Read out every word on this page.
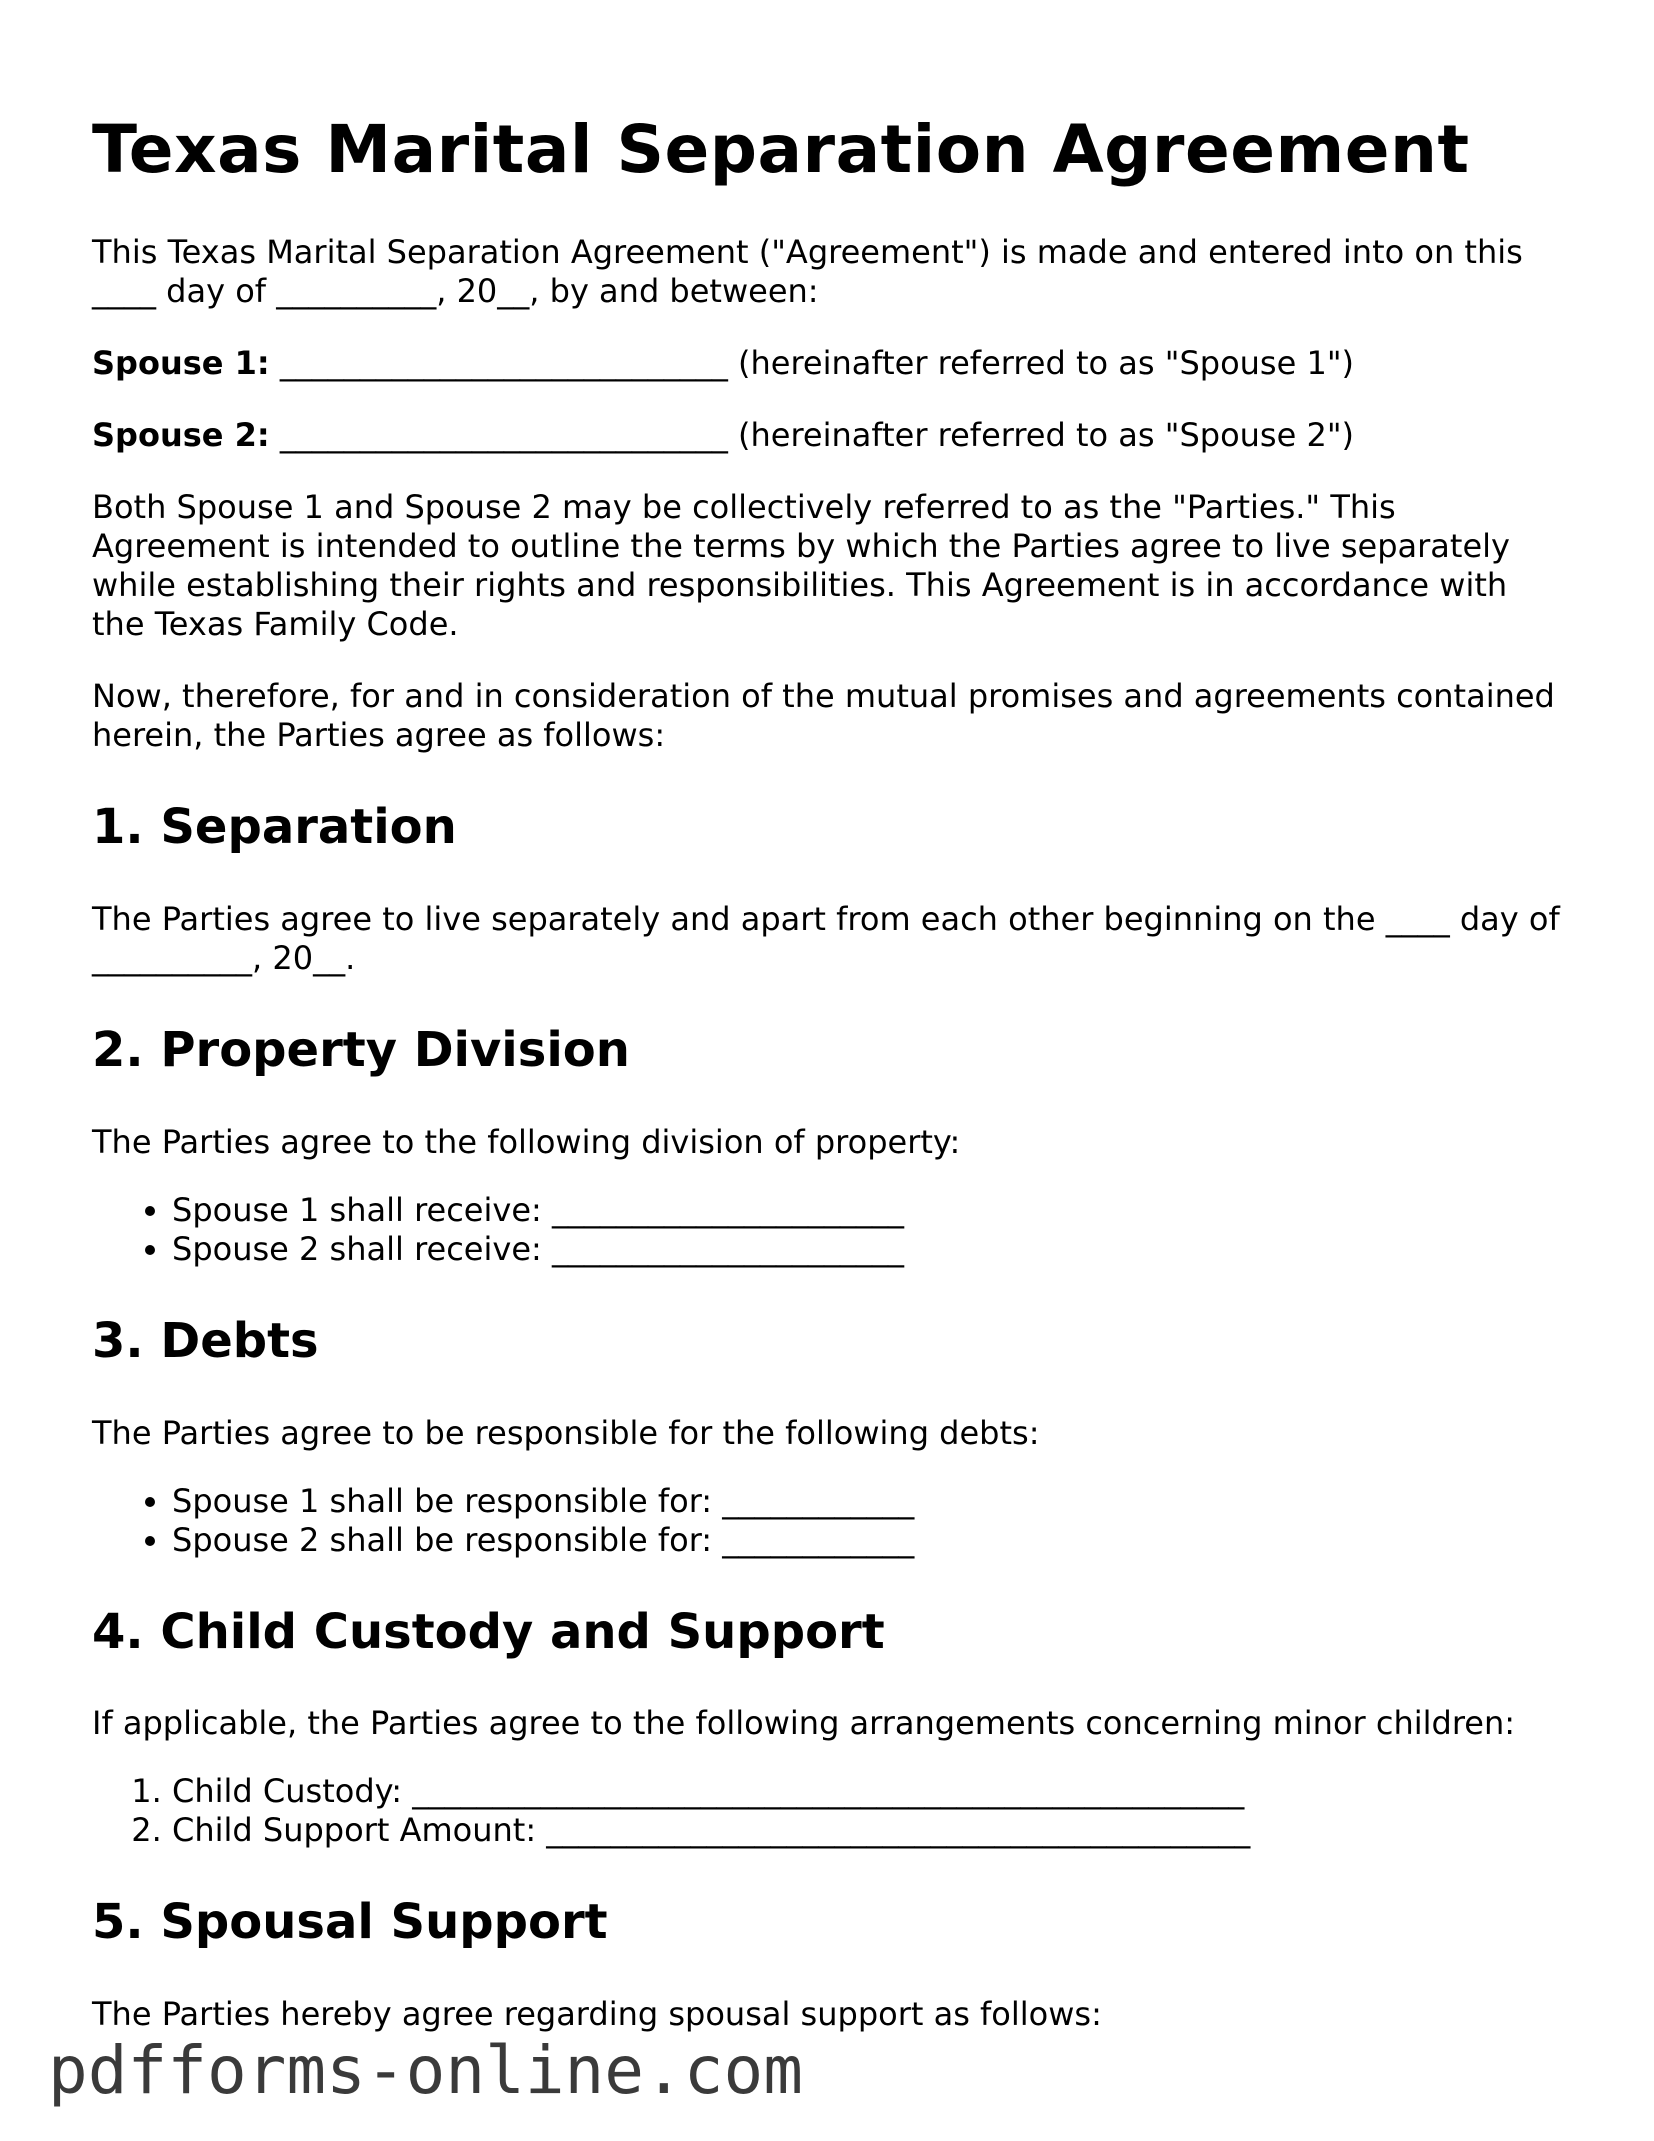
Texas Marital Separation Agreement

This Texas Marital Separation Agreement ("Agreement") is made and entered into on this ____ day of __________, 20__, by and between:

Spouse 1: ____________________________ (hereinafter referred to as "Spouse 1")

Spouse 2: ____________________________ (hereinafter referred to as "Spouse 2")

Both Spouse 1 and Spouse 2 may be collectively referred to as the "Parties." This Agreement is intended to outline the terms by which the Parties agree to live separately while establishing their rights and responsibilities. This Agreement is in accordance with the Texas Family Code.

Now, therefore, for and in consideration of the mutual promises and agreements contained herein, the Parties agree as follows:

1. Separation

The Parties agree to live separately and apart from each other beginning on the ____ day of __________, 20__.

2. Property Division

The Parties agree to the following division of property:

• Spouse 1 shall receive: ______________________
• Spouse 2 shall receive: ______________________
3. Debts

The Parties agree to be responsible for the following debts:

• Spouse 1 shall be responsible for: ____________
• Spouse 2 shall be responsible for: ____________
4. Child Custody and Support

If applicable, the Parties agree to the following arrangements concerning minor children:

1. Child Custody: ____________________________________________________
2. Child Support Amount: ____________________________________________
5. Spousal Support

The Parties hereby agree regarding spousal support as follows:

pdfforms-online.com
